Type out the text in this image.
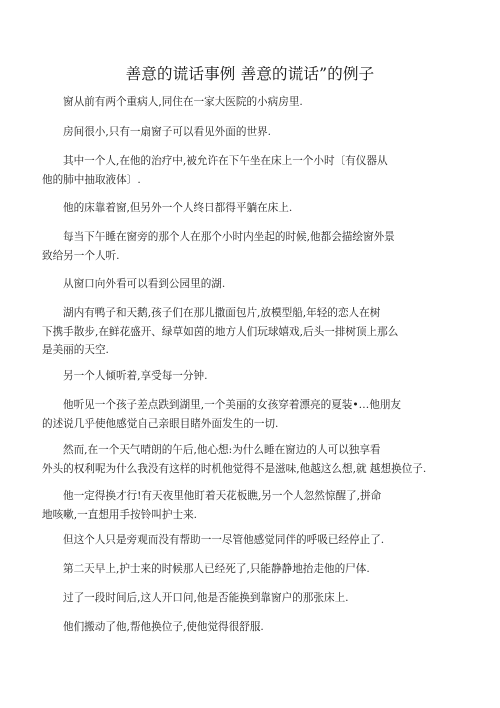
善意的谎话事例 善意的谎话”的例子
窗从前有两个重病人,同住在一家大医院的小病房里.
房间很小,只有一扇窗子可以看见外面的世界.
其中一个人,在他的治疗中,被允许在下午坐在床上一个小时〔有仪器从
他的肺中抽取液体〕.
他的床靠着窗,但另外一个人终日都得平躺在床上.
每当下午睡在窗旁的那个人在那个小时内坐起的时候,他都会描绘窗外景
致给另一个人听.
从窗口向外看可以看到公园里的湖.
湖内有鸭子和天鹅,孩子们在那儿撒面包片,放模型船,年轻的恋人在树
下携手散步,在鲜花盛开、绿草如茵的地方人们玩球嬉戏,后头一排树顶上那么
是美丽的天空.
另一个人倾听着,享受每一分钟.
他听见一个孩子差点跌到湖里,一个美丽的女孩穿着漂亮的夏装•…他朋友
的述说几乎使他感觉自己亲眼目睹外面发生的一切.
然而,在一个天气晴朗的午后,他心想:为什么睡在窗边的人可以独享看
外头的权利呢为什么我没有这样的时机他觉得不是滋味,他越这么想,就 越想换位子.
他一定得换才行!有天夜里他盯着天花板瞧,另一个人忽然惊醒了,拼命
地咳嗽,一直想用手按铃叫护士来.
但这个人只是旁观而没有帮助一一尽管他感觉同伴的呼吸已经停止了.
第二天早上,护士来的时候那人已经死了,只能静静地抬走他的尸体.
过了一段时间后,这人开口问,他是否能换到靠窗户的那张床上.
他们搬动了他,帮他换位子,使他觉得很舒服.
